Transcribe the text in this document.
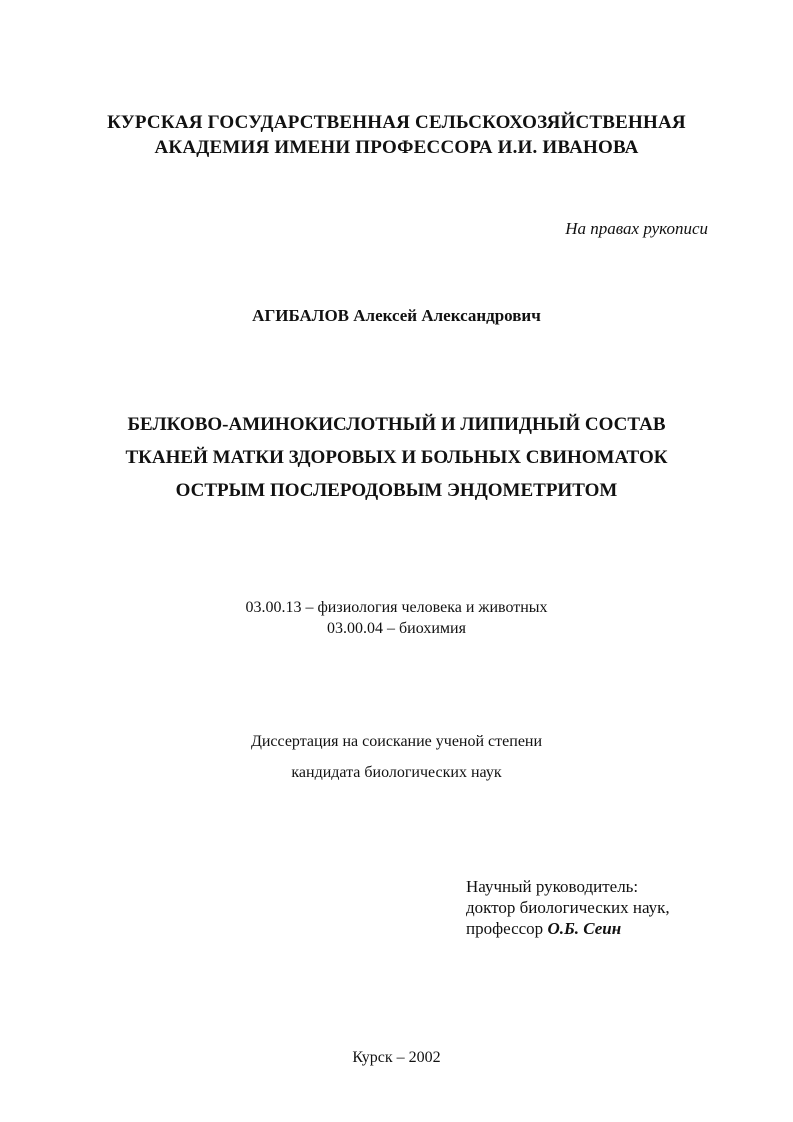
КУРСКАЯ ГОСУДАРСТВЕННАЯ СЕЛЬСКОХОЗЯЙСТВЕННАЯ
АКАДЕМИЯ ИМЕНИ ПРОФЕССОРА И.И. ИВАНОВА
На правах рукописи
АГИБАЛОВ Алексей Александрович
БЕЛКОВО-АМИНОКИСЛОТНЫЙ И ЛИПИДНЫЙ СОСТАВ
ТКАНЕЙ МАТКИ ЗДОРОВЫХ И БОЛЬНЫХ СВИНОМАТОК
ОСТРЫМ ПОСЛЕРОДОВЫМ ЭНДОМЕТРИТОМ
03.00.13 – физиология человека и животных
03.00.04 – биохимия
Диссертация на соискание ученой степени
кандидата биологических наук
Научный руководитель:
доктор биологических наук,
профессор О.Б. Сеин
Курск – 2002
